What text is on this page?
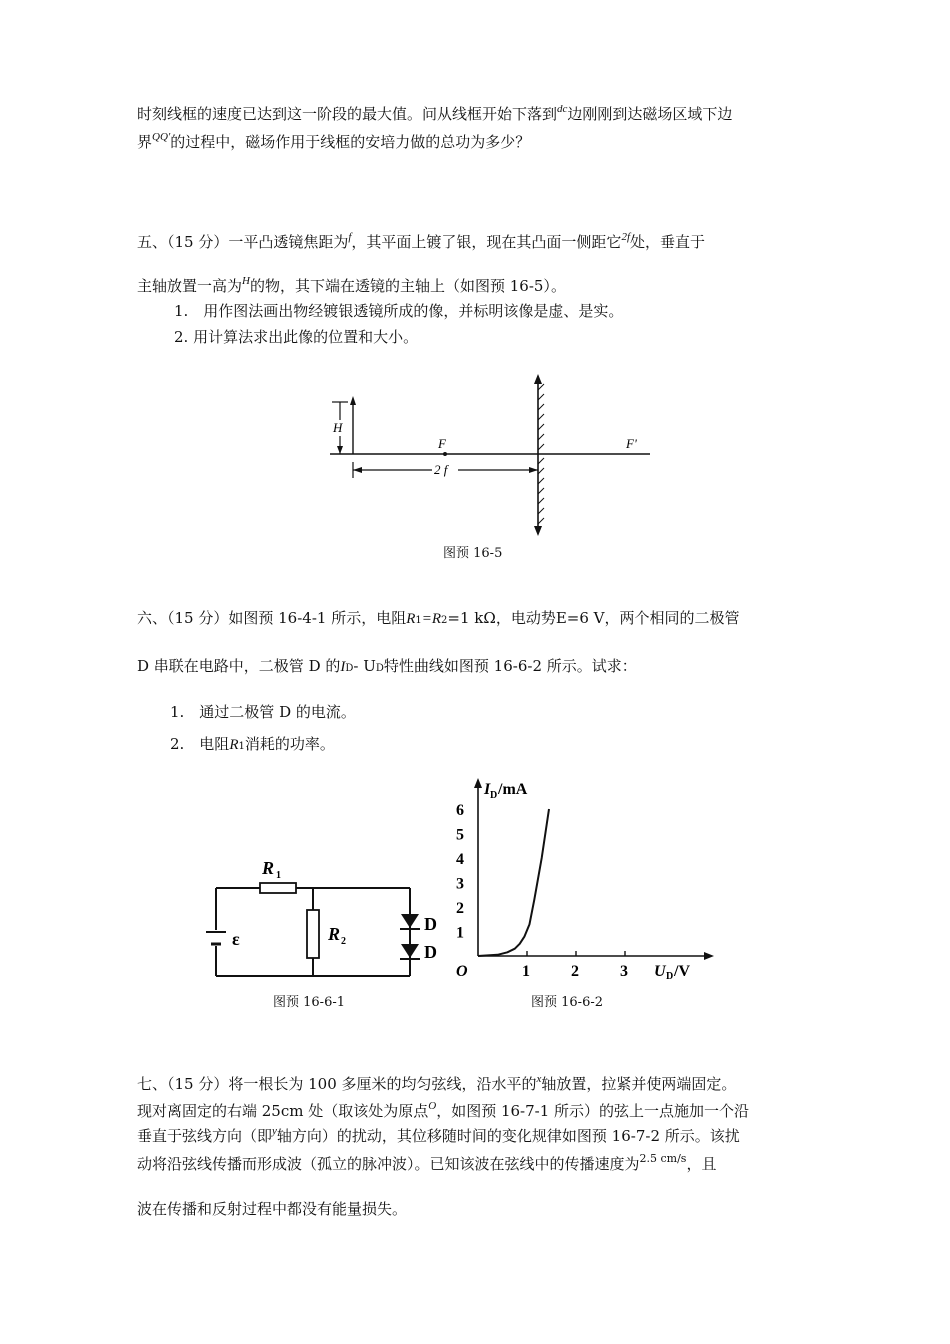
时刻线框的速度已达到这一阶段的最大值。问从线框开始下落到$^{dc}$边刚刚到达磁场区域下边
界$^{QQ'}$的过程中，磁场作用于线框的安培力做的总功为多少？
五、（15 分）一平凸透镜焦距为$^f$，其平面上镀了银，现在其凸面一侧距它$^{2f}$处，垂直于
主轴放置一高为$^H$的物，其下端在透镜的主轴上（如图预 16-5）。
1.　用作图法画出物经镀银透镜所成的像，并标明该像是虚、是实。
2. 用计算法求出此像的位置和大小。
H
F	F'
2 f
图预 16-5
六、（15 分）如图预 16-4-1 所示，电阻R1=R2=1 kΩ，电动势E=6 V，两个相同的二极管
D 串联在电路中，二极管 D 的ID- UD特性曲线如图预 16-6-2 所示。试求：
1.　通过二极管 D 的电流。
2.　电阻R1消耗的功率。
R 1
R 2
ε
D
D
图预 16-6-1
I D /mA
U D /V
1
2
3
4
5
6
O	1	2	3
图预 16-6-2
七、（15 分）将一根长为 100 多厘米的均匀弦线，沿水平的$^x$轴放置，拉紧并使两端固定。
现对离固定的右端 25cm 处（取该处为原点$^O$，如图预 16-7-1 所示）的弦上一点施加一个沿
垂直于弦线方向（即$^y$轴方向）的扰动，其位移随时间的变化规律如图预 16-7-2 所示。该扰
动将沿弦线传播而形成波（孤立的脉冲波）。已知该波在弦线中的传播速度为$^{2.5 cm/s}$，且
波在传播和反射过程中都没有能量损失。
